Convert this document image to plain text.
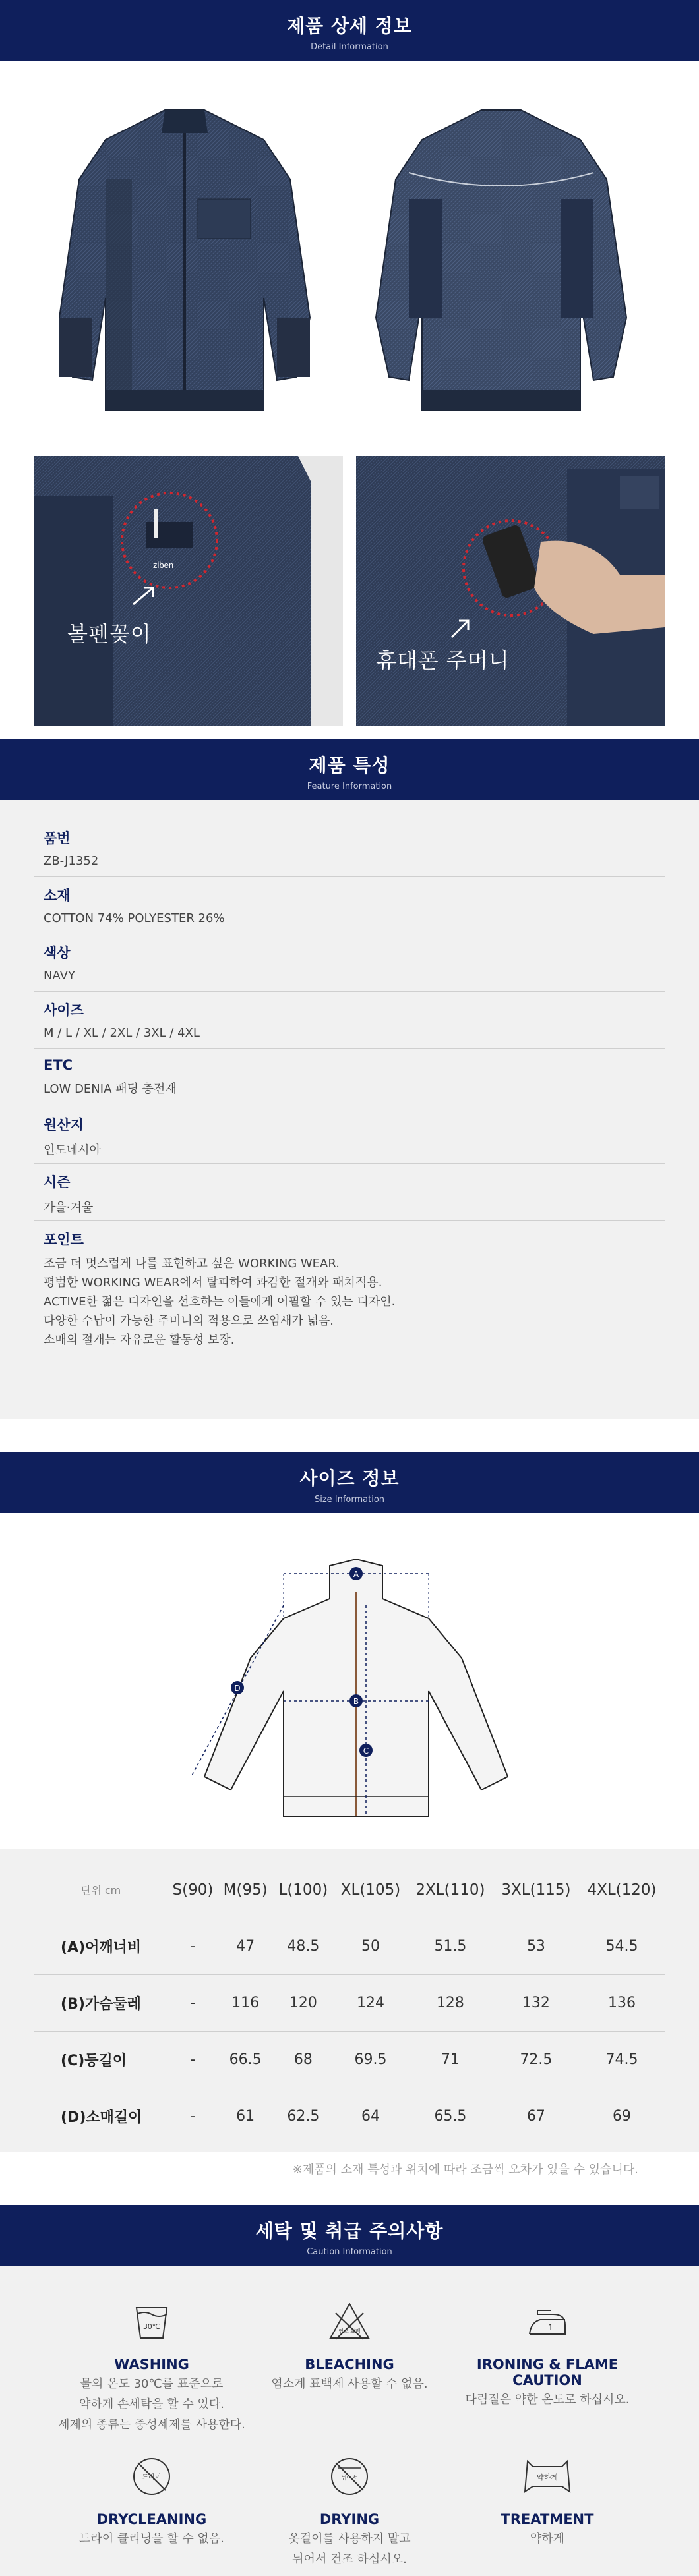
제품 상세 정보
Detail Information
ziben
볼펜꽂이
휴대폰 주머니
제품 특성
Feature Information
품번
ZB-J1352
소재
COTTON 74% POLYESTER 26%
색상
NAVY
사이즈
M / L / XL / 2XL / 3XL / 4XL
ETC
LOW DENIA 패딩 충전재
원산지
인도네시아
시즌
가을·겨울
포인트
조금 더 멋스럽게 나를 표현하고 싶은 WORKING WEAR.
평범한 WORKING WEAR에서 탈피하여 과감한 절개와 패치적용.
ACTIVE한 젊은 디자인을 선호하는 이들에게 어필할 수 있는 디자인.
다양한 수납이 가능한 주머니의 적용으로 쓰임새가 넓음.
소매의 절개는 자유로운 활동성 보장.
사이즈 정보
Size Information
A
B
C
D
단위 cm	S(90)	M(95)	L(100)	XL(105)	2XL(110)	3XL(115)	4XL(120)
(A)어깨너비	-	47	48.5	50	51.5	53	54.5
(B)가슴둘레	-	116	120	124	128	132	136
(C)등길이	-	66.5	68	69.5	71	72.5	74.5
(D)소매길이	-	61	62.5	64	65.5	67	69
※제품의 소재 특성과 위치에 따라 조금씩 오차가 있을 수 있습니다.
세탁 및 취급 주의사항
Caution Information
30℃
WASHING
물의 온도 30℃를 표준으로
약하게 손세탁을 할 수 있다.
세제의 종류는 중성세제를 사용한다.
염소 표백
BLEACHING
염소계 표백제 사용할 수 없음.
1
IRONING & FLAME CAUTION
다림질은 약한 온도로 하십시오.
드라이
DRYCLEANING
드라이 클리닝을 할 수 없음.
뉘어서
DRYING
옷걸이를 사용하지 말고
뉘어서 건조 하십시오.
약하게
TREATMENT
약하게
